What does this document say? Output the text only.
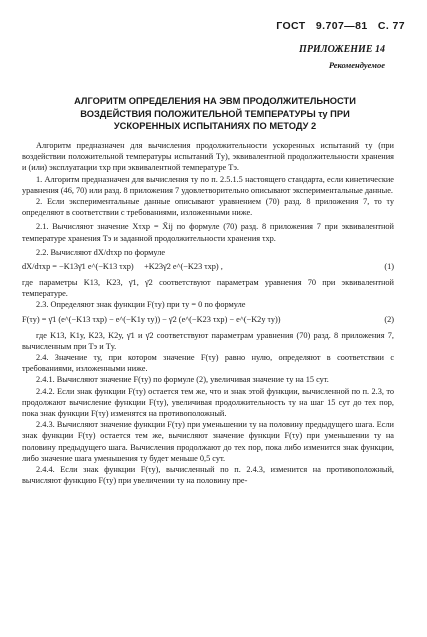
ГОСТ 9.707—81 С. 77
ПРИЛОЖЕНИЕ 14
Рекомендуемое
АЛГОРИТМ ОПРЕДЕЛЕНИЯ НА ЭВМ ПРОДОЛЖИТЕЛЬНОСТИ
ВОЗДЕЙСТВИЯ ПОЛОЖИТЕЛЬНОЙ ТЕМПЕРАТУРЫ τу ПРИ
УСКОРЕННЫХ ИСПЫТАНИЯХ ПО МЕТОДУ 2

Алгоритм предназначен для вычисления продолжительности ускоренных испытаний τу (при воздействии положительной температуры испытаний Tу), эквивалентной продолжительности хранения и (или) эксплуатации τхр при эквивалентной температуре Tэ.

1. Алгоритм предназначен для вычисления τу по п. 2.5.1.5 настоящего стандарта, если кинетические уравнения (46, 70) или разд. 8 приложения 7 удовлетворительно описывают экспериментальные данные.

2. Если экспериментальные данные описывают уравнением (70) разд. 8 приложения 7, то τу определяют в соответствии с требованиями, изложенными ниже.

2.1. Вычисляют значение Xτхр = X̄ij по формуле (70) разд. 8 приложения 7 при эквивалентной температуре хранения Tэ и заданной продолжительности хранения τхр.

2.2. Вычисляют dX/dτхр по формуле

dX/dτхр = −K13γ̄1 e^(−K13 τхр) +K23γ̄2 e^(−K23 τхр) ,	(1)

где параметры K13, K23, γ̄1, γ̄2 соответствуют параметрам уравнения 70 при эквивалентной температуре.

2.3. Определяют знак функции F(τу) при τу = 0 по формуле

F(τу) = γ̄1 (e^(−K13 τхр) − e^(−K1у τу)) − γ̄2 (e^(−K23 τхр) − e^(−K2у τу))	(2)

где K13, K1у, K23, K2у, γ̄1 и γ̄2 соответствуют параметрам уравнения (70) разд. 8 приложения 7, вычисленным при Tэ и Tу.

2.4. Значение τу, при котором значение F(τу) равно нулю, определяют в соответствии с требованиями, изложенными ниже.

2.4.1. Вычисляют значение F(τу) по формуле (2), увеличивая значение τу на 15 сут.

2.4.2. Если знак функции F(τу) остается тем же, что и знак этой функции, вычисленной по п. 2.3, то продолжают вычисление функции F(τу), увеличивая продолжительность τу на шаг 15 сут до тех пор, пока знак функции F(τу) изменятся на противоположный.

2.4.3. Вычисляют значение функции F(τу) при уменьшении τу на половину предыдущего шага. Если знак функции F(τу) остается тем же, вычисляют значение функции F(τу) при уменьшении τу на половину предыдущего шага. Вычисления продолжают до тех пор, пока либо изменится знак функции, либо значение шага уменьшения τу будет меньше 0,5 сут.

2.4.4. Если знак функции F(τу), вычисленный по п. 2.4.3, изменится на противоположный, вычисляют функцию F(τу) при увеличении τу на половину пре-
